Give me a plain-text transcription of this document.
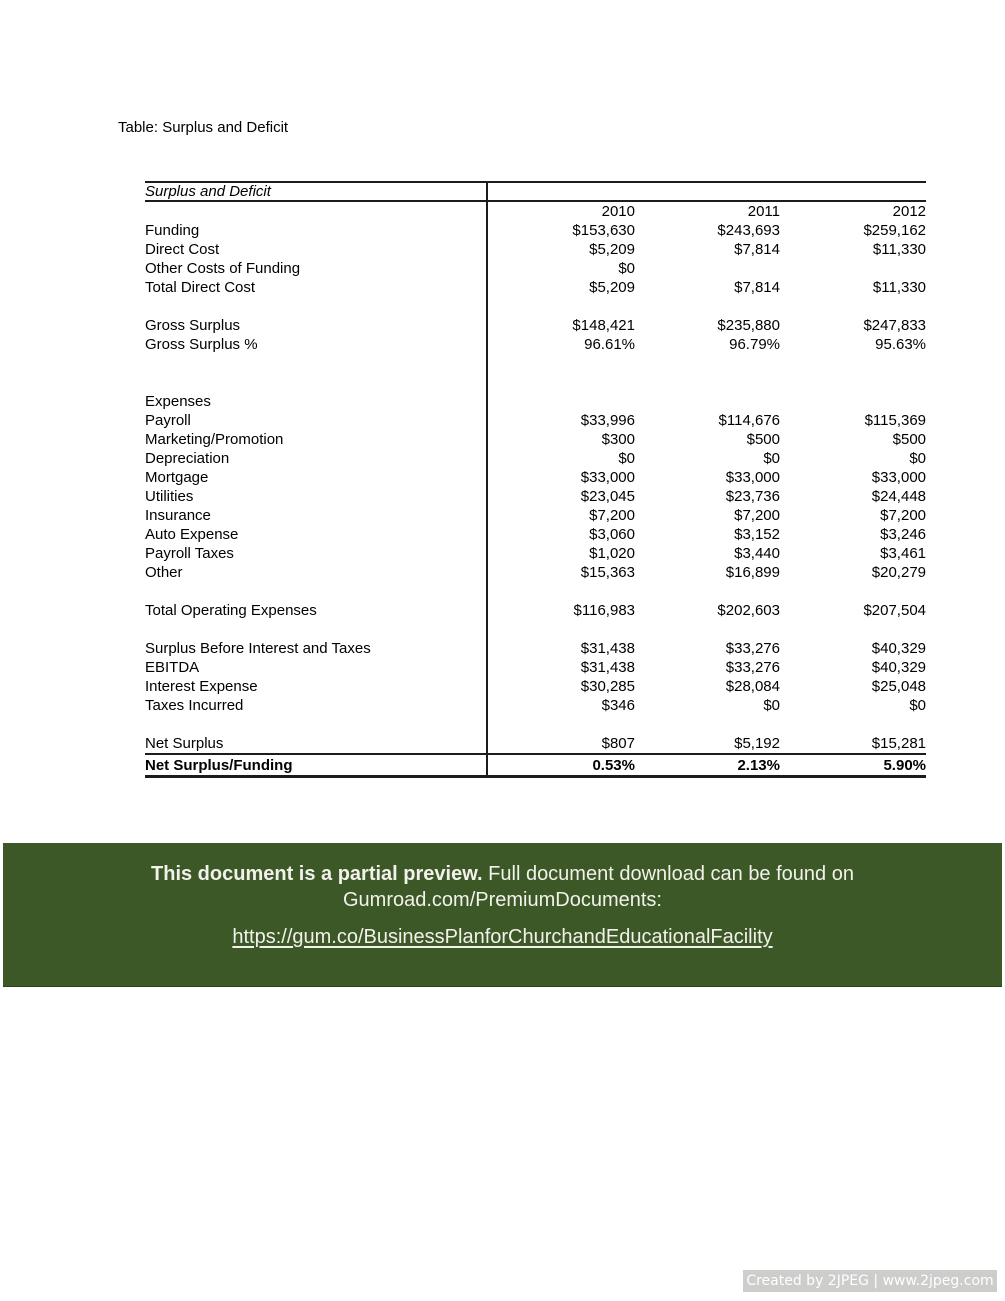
Table: Surplus and Deficit
Surplus and Deficit			
	2010	2011	2012
Funding	$153,630	$243,693	$259,162
Direct Cost	$5,209	$7,814	$11,330
Other Costs of Funding	$0		
Total Direct Cost	$5,209	$7,814	$11,330

Gross Surplus	$148,421	$235,880	$247,833
Gross Surplus %	96.61%	96.79%	95.63%

Expenses			
Payroll	$33,996	$114,676	$115,369
Marketing/Promotion	$300	$500	$500
Depreciation	$0	$0	$0
Mortgage	$33,000	$33,000	$33,000
Utilities	$23,045	$23,736	$24,448
Insurance	$7,200	$7,200	$7,200
Auto Expense	$3,060	$3,152	$3,246
Payroll Taxes	$1,020	$3,440	$3,461
Other	$15,363	$16,899	$20,279

Total Operating Expenses	$116,983	$202,603	$207,504

Surplus Before Interest and Taxes	$31,438	$33,276	$40,329
EBITDA	$31,438	$33,276	$40,329
Interest Expense	$30,285	$28,084	$25,048
Taxes Incurred	$346	$0	$0

Net Surplus	$807	$5,192	$15,281
Net Surplus/Funding	0.53%	2.13%	5.90%

This document is a partial preview. Full document download can be found on

Gumroad.com/PremiumDocuments:

https://gum.co/BusinessPlanforChurchandEducationalFacility

Created by 2JPEG | www.2jpeg.com
